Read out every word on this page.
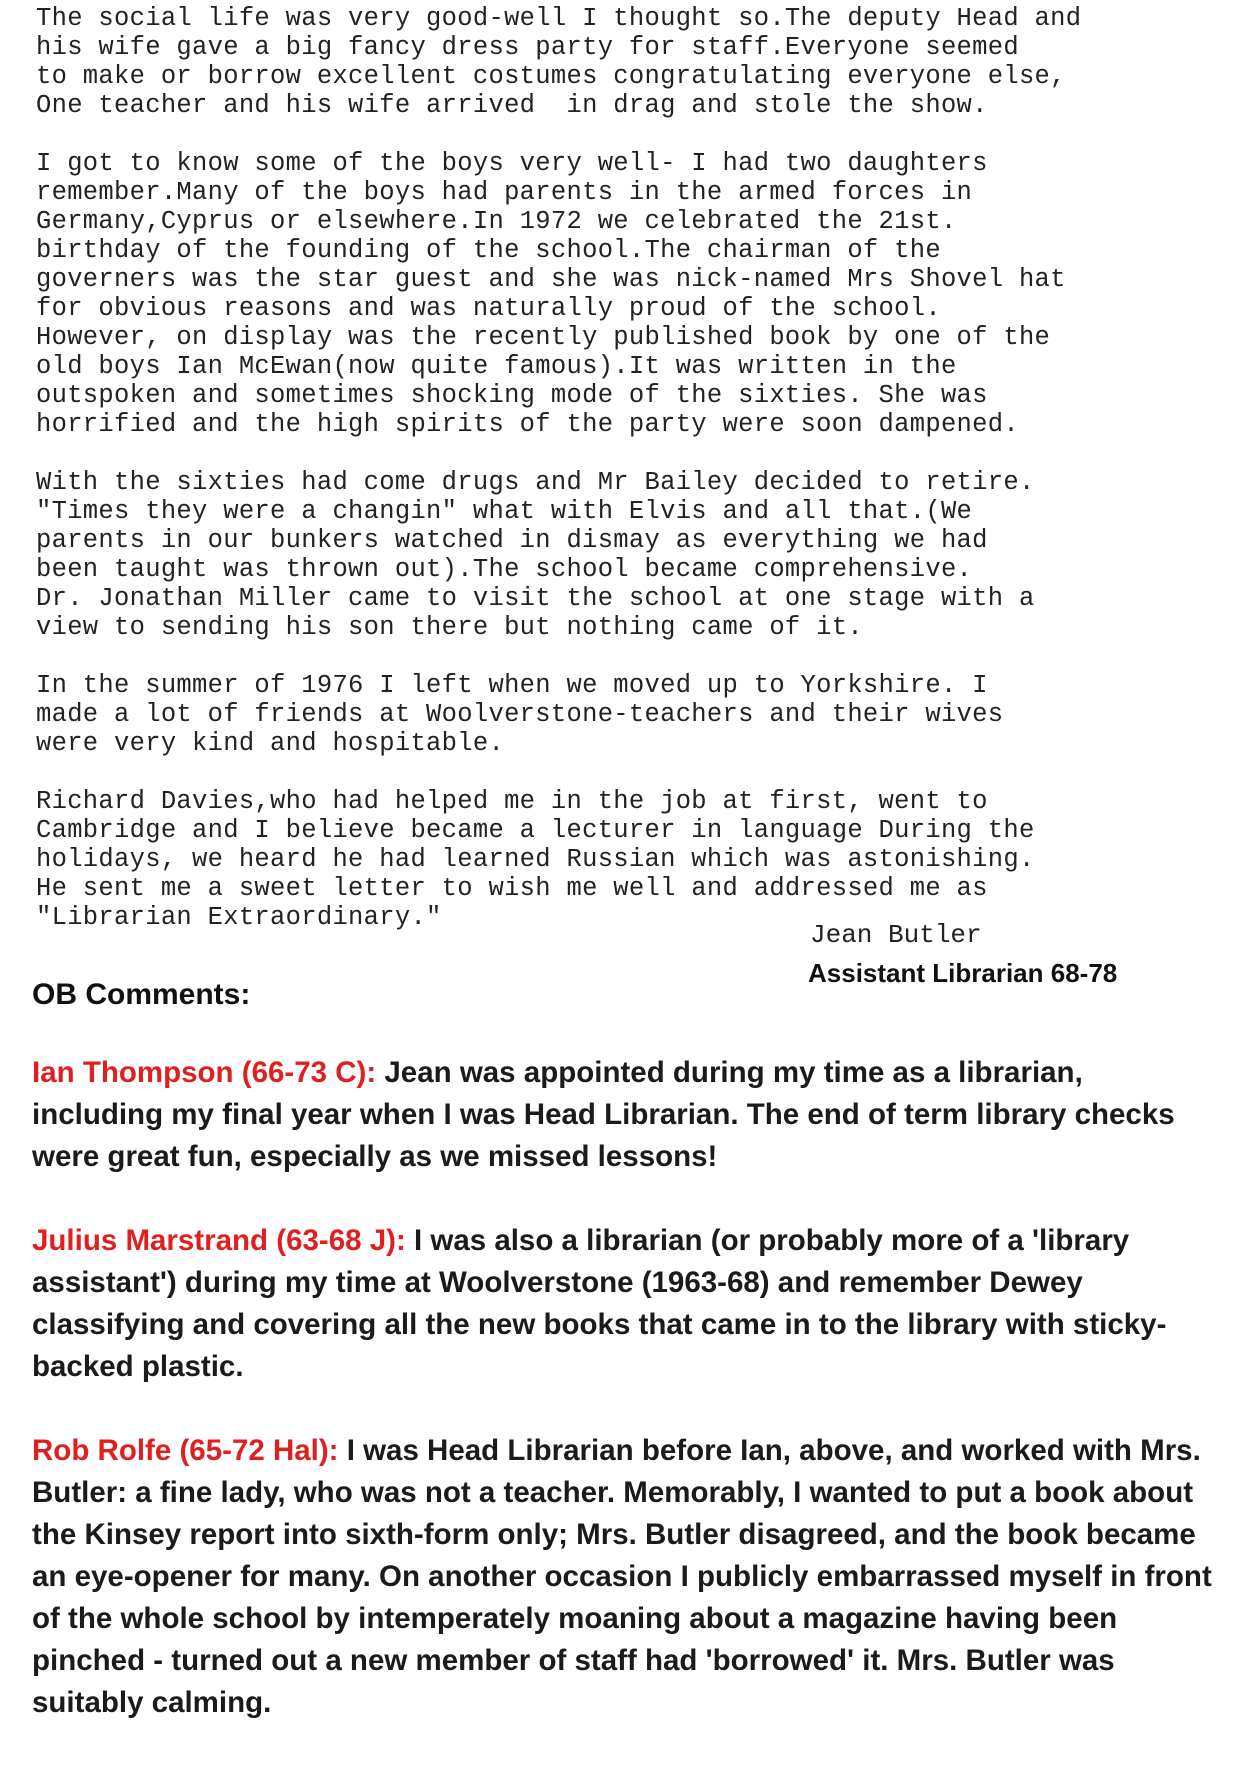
The social life was very good-well I thought so.The deputy Head and
his wife gave a big fancy dress party for staff.Everyone seemed
to make or borrow excellent costumes congratulating everyone else,
One teacher and his wife arrived  in drag and stole the show.

I got to know some of the boys very well- I had two daughters
remember.Many of the boys had parents in the armed forces in
Germany,Cyprus or elsewhere.In 1972 we celebrated the 21st.
birthday of the founding of the school.The chairman of the
governers was the star guest and she was nick-named Mrs Shovel hat
for obvious reasons and was naturally proud of the school.
However, on display was the recently published book by one of the
old boys Ian McEwan(now quite famous).It was written in the
outspoken and sometimes shocking mode of the sixties. She was
horrified and the high spirits of the party were soon dampened.

With the sixties had come drugs and Mr Bailey decided to retire.
"Times they were a changin" what with Elvis and all that.(We
parents in our bunkers watched in dismay as everything we had
been taught was thrown out).The school became comprehensive.
Dr. Jonathan Miller came to visit the school at one stage with a
view to sending his son there but nothing came of it.

In the summer of 1976 I left when we moved up to Yorkshire. I
made a lot of friends at Woolverstone-teachers and their wives
were very kind and hospitable.

Richard Davies,who had helped me in the job at first, went to
Cambridge and I believe became a lecturer in language During the
holidays, we heard he had learned Russian which was astonishing.
He sent me a sweet letter to wish me well and addressed me as
"Librarian Extraordinary."

Jean Butler
Assistant Librarian 68-78
OB Comments:
Ian Thompson (66-73 C): Jean was appointed during my time as a librarian, including my final year when I was Head Librarian. The end of term library checks were great fun, especially as we missed lessons!
Julius Marstrand (63-68 J): I was also a librarian (or probably more of a 'library assistant') during my time at Woolverstone (1963-68) and remember Dewey classifying and covering all the new books that came in to the library with sticky-backed plastic.
Rob Rolfe (65-72 Hal): I was Head Librarian before Ian, above, and worked with Mrs. Butler: a fine lady, who was not a teacher. Memorably, I wanted to put a book about the Kinsey report into sixth-form only; Mrs. Butler disagreed, and the book became an eye-opener for many. On another occasion I publicly embarrassed myself in front of the whole school by intemperately moaning about a magazine having been pinched - turned out a new member of staff had 'borrowed' it. Mrs. Butler was suitably calming.
